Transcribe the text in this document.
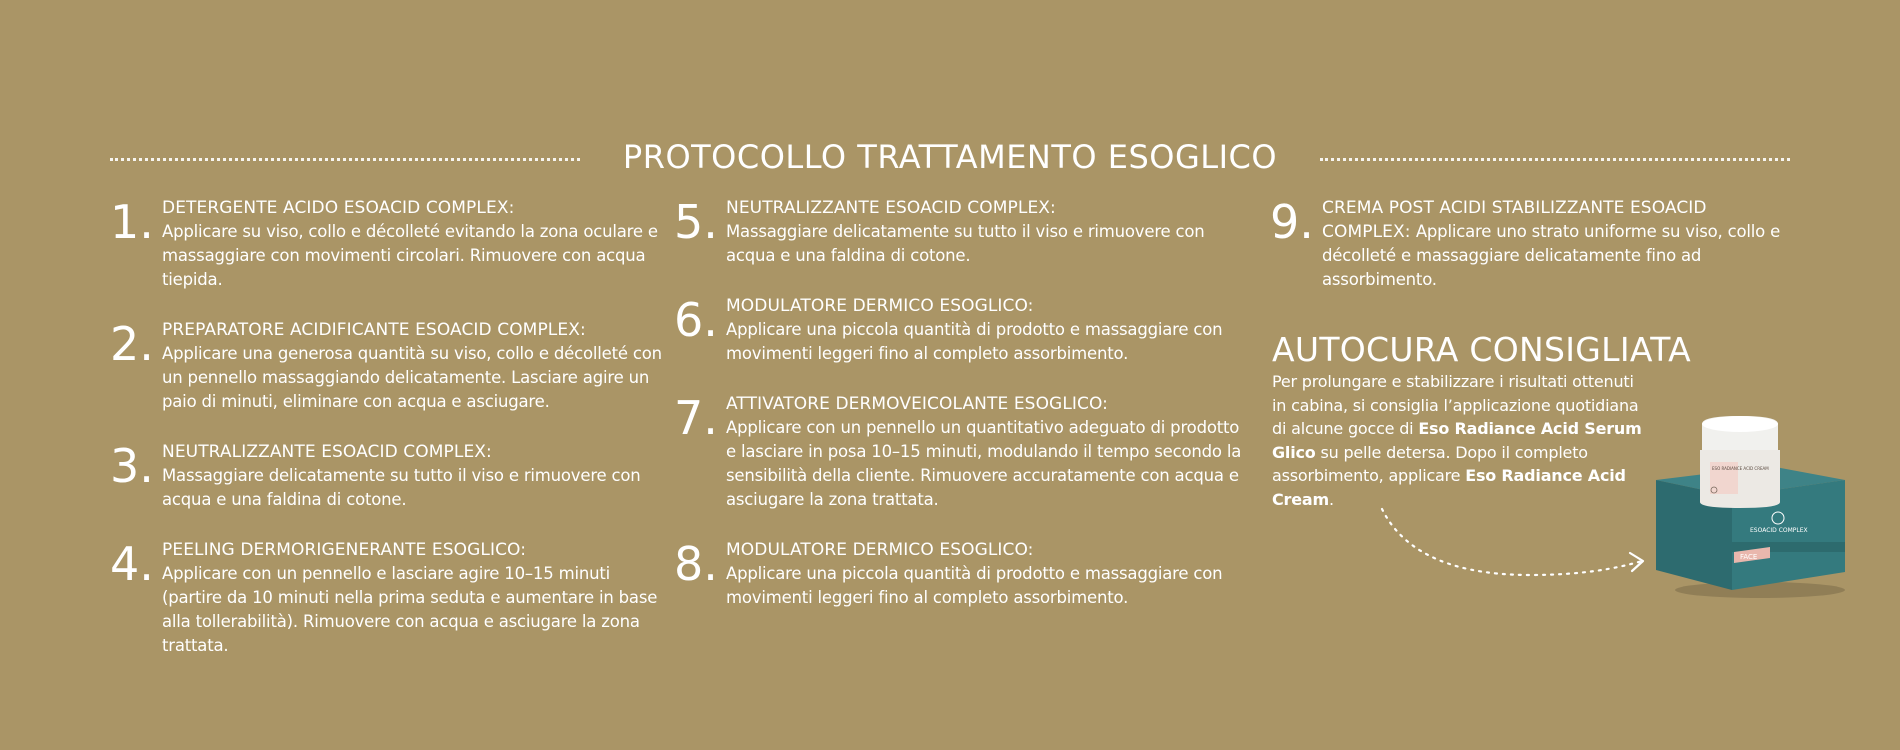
PROTOCOLLO TRATTAMENTO ESOGLICO
1. DETERGENTE ACIDO ESOACID COMPLEX:
Applicare su viso, collo e décolleté evitando la zona oculare e massaggiare con movimenti circolari. Rimuovere con acqua tiepida.
2. PREPARATORE ACIDIFICANTE ESOACID COMPLEX:
Applicare una generosa quantità su viso, collo e décolleté con un pennello massaggiando delicatamente. Lasciare agire un paio di minuti, eliminare con acqua e asciugare.
3. NEUTRALIZZANTE ESOACID COMPLEX:
Massaggiare delicatamente su tutto il viso e rimuovere con acqua e una faldina di cotone.
4. PEELING DERMORIGENERANTE ESOGLICO:
Applicare con un pennello e lasciare agire 10–15 minuti (partire da 10 minuti nella prima seduta e aumentare in base alla tollerabilità). Rimuovere con acqua e asciugare la zona trattata.
5. NEUTRALIZZANTE ESOACID COMPLEX:
Massaggiare delicatamente su tutto il viso e rimuovere con acqua e una faldina di cotone.
6. MODULATORE DERMICO ESOGLICO:
Applicare una piccola quantità di prodotto e massaggiare con movimenti leggeri fino al completo assorbimento.
7. ATTIVATORE DERMOVEICOLANTE ESOGLICO:
Applicare con un pennello un quantitativo adeguato di prodotto e lasciare in posa 10–15 minuti, modulando il tempo secondo la sensibilità della cliente. Rimuovere accuratamente con acqua e asciugare la zona trattata.
8. MODULATORE DERMICO ESOGLICO:
Applicare una piccola quantità di prodotto e massaggiare con movimenti leggeri fino al completo assorbimento.
9. CREMA POST ACIDI STABILIZZANTE ESOACID COMPLEX: Applicare uno strato uniforme su viso, collo e décolleté e massaggiare delicatamente fino ad assorbimento.
AUTOCURA CONSIGLIATA
Per prolungare e stabilizzare i risultati ottenuti in cabina, si consiglia l’applicazione quotidiana di alcune gocce di Eso Radiance Acid Serum Glico su pelle detersa. Dopo il completo assorbimento, applicare Eso Radiance Acid Cream.
FACE
ESOACID COMPLEX
ESO RADIANCE ACID CREAM
